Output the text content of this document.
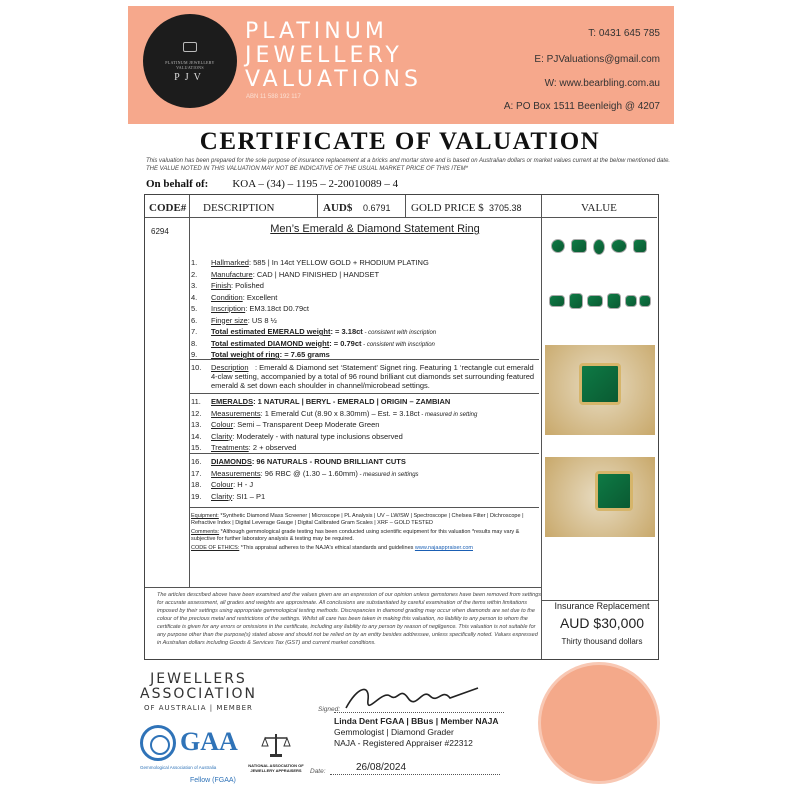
PLATINUM JEWELLERY VALUATIONS
PJV
PLATINUM
JEWELLERY
VALUATIONS
ABN 11 588 192 117
T: 0431 645 785
E: PJValuations@gmail.com
W: www.bearbling.com.au
A: PO Box 1511 Beenleigh @ 4207
CERTIFICATE OF VALUATION
This valuation has been prepared for the sole purpose of insurance replacement at a bricks and mortar store and is based on Australian dollars or market values current at the below mentioned date.
THE VALUE NOTED IN THIS VALUATION MAY NOT BE INDICATIVE OF THE USUAL MARKET PRICE OF THIS ITEM*
On behalf of: KOA – (34) – 1195 – 2-20010089 – 4
CODE# DESCRIPTION	AUD$ 0.6791 GOLD PRICE $ 3705.38	VALUE
6294	Men’s Emerald & Diamond Statement Ring
1. Hallmarked: 585 | In 14ct YELLOW GOLD + RHODIUM PLATING
2. Manufacture: CAD | HAND FINISHED | HANDSET
3. Finish: Polished
4. Condition: Excellent
5. Inscription: EM3.18ct D0.79ct
6. Finger size: US 8 ½
7. Total estimated EMERALD weight: = 3.18ct - consistent with inscription
8. Total estimated DIAMOND weight: = 0.79ct - consistent with inscription
9. Total weight of ring: = 7.65 grams
10. Description : Emerald & Diamond set ‘Statement’ Signet ring. Featuring 1 ‘rectangle cut emerald 4-claw setting, accompanied by a total of 96 round brilliant cut diamonds set surrounding featured emerald & set down each shoulder in channel/microbead settings.
11. EMERALDS: 1 NATURAL | BERYL - EMERALD | ORIGIN – ZAMBIAN
12. Measurements: 1 Emerald Cut (8.90 x 8.30mm) – Est. = 3.18ct - measured in setting
13. Colour: Semi – Transparent Deep Moderate Green
14. Clarity: Moderately - with natural type inclusions observed
15. Treatments: 2 + observed
16. DIAMONDS: 96 NATURALS - ROUND BRILLIANT CUTS
17. Measurements: 96 RBC @ (1.30 – 1.60mm) - measured in settings
18. Colour: H - J
19. Clarity: SI1 – P1
Equipment: *Synthetic Diamond Mass Screener | Microscope | PL Analysis | UV – LW/SW | Spectroscope | Chelsea Filter | Dichroscope | Refractive Index | Digital Leverage Gauge | Digital Calibrated Gram Scales | XRF – GOLD TESTED
Comments: *Although gemmological grade testing has been conducted using scientific equipment for this valuation *results may vary & subjective for further laboratory analysis & testing may be required.
CODE OF ETHICS: *This appraisal adheres to the NAJA's ethical standards and guidelines www.najaappraiser.com
The articles described above have been examined and the values given are an expression of our opinion unless gemstones have been removed from settings for accurate assessment, all grades and weights are approximate. All conclusions are substantiated by careful examination of the items within limitations imposed by their settings using appropriate gemmological testing methods. Discrepancies in diamond grading may occur when diamonds are set due to the colour of the precious metal and restrictions of the settings. Whilst all care has been taken in making this valuation, no liability to any person to whom the certificate is given for any errors or omissions in the certificate, including any liability to any person by reason of negligence. This valuation is not suitable for any purpose other than the purpose(s) stated above and should not be relied on by an entity besides addressee, unless specifically noted. Values expressed in Australian dollars including Goods & Services Tax (GST) and current market conditions.
Insurance Replacement
AUD $30,000
Thirty thousand dollars
JEWELLERS
ASSOCIATION
OF AUSTRALIA | MEMBER
GAA
Gemmological Association of Australia
Fellow (FGAA)
NATIONAL ASSOCIATION OF JEWELLERY APPRAISERS
Signed:
Linda Dent FGAA | BBus | Member NAJA
Gemmologist | Diamond Grader
NAJA - Registered Appraiser #22312
Date:	26/08/2024
